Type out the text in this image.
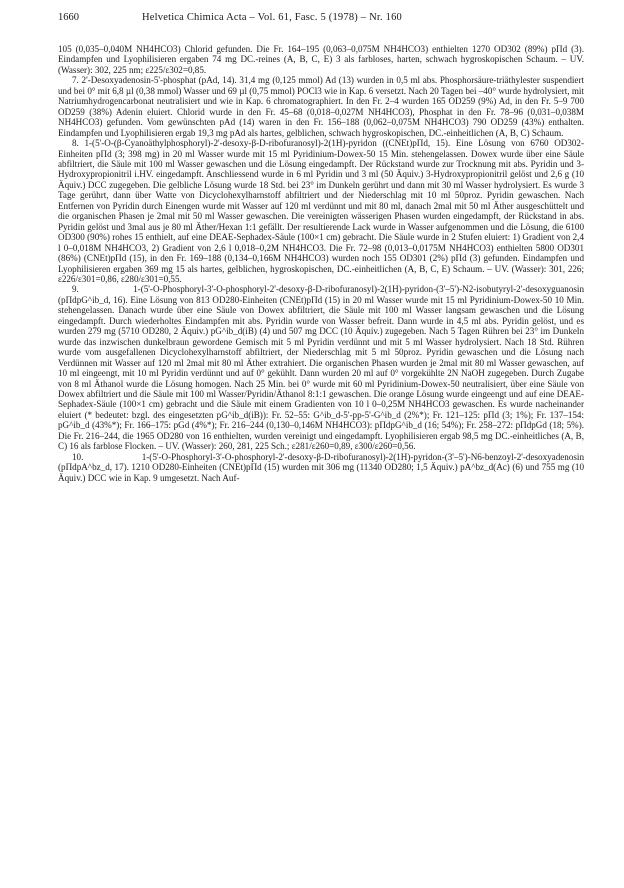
1660	Helvetica Chimica Acta – Vol. 61, Fasc. 5 (1978) – Nr. 160

105 (0,035–0,040M NH4HCO3) Chlorid gefunden. Die Fr. 164–195 (0,063–0,075M NH4HCO3) enthielten 1270 OD302 (89%) pΠd (3). Eindampfen und Lyophilisieren ergaben 74 mg DC.-reines (A, B, C, E) 3 als farbloses, harten, schwach hygroskopischen Schaum. – UV. (Wasser): 302, 225 nm; ε225/ε302=0,85.

7. 2'-Desoxyadenosin-5'-phosphat (pAd, 14). 31,4 mg (0,125 mmol) Ad (13) wurden in 0,5 ml abs. Phosphorsäure-triäthylester suspendiert und bei 0° mit 6,8 µl (0,38 mmol) Wasser und 69 µl (0,75 mmol) POCl3 wie in Kap. 6 versetzt. Nach 20 Tagen bei –40° wurde hydrolysiert, mit Natriumhydrogencarbonat neutralisiert und wie in Kap. 6 chromatographiert. In den Fr. 2–4 wurden 165 OD259 (9%) Ad, in den Fr. 5–9 700 OD259 (38%) Adenin eluiert. Chlorid wurde in den Fr. 45–68 (0,018–0,027M NH4HCO3), Phosphat in den Fr. 78–96 (0,031–0,038M NH4HCO3) gefunden. Vom gewünschten pAd (14) waren in den Fr. 156–188 (0,062–0,075M NH4HCO3) 790 OD259 (43%) enthalten. Eindampfen und Lyophilisieren ergab 19,3 mg pAd als hartes, gelblichen, schwach hygroskopischen, DC.-einheitlichen (A, B, C) Schaum.

8. 1-(5'-O-(β-Cyanoäthylphosphoryl)-2'-desoxy-β-D-ribofuranosyl)-2(1H)-pyridon ((CNEt)pΠd, 15). Eine Lösung von 6760 OD302-Einheiten pΠd (3; 398 mg) in 20 ml Wasser wurde mit 15 ml Pyridinium-Dowex-50 15 Min. stehengelassen. Dowex wurde über eine Säule abfiltriert, die Säule mit 100 ml Wasser gewaschen und die Lösung eingedampft. Der Rückstand wurde zur Trocknung mit abs. Pyridin und 3-Hydroxypropionitril i.HV. eingedampft. Anschliessend wurde in 6 ml Pyridin und 3 ml (50 Äquiv.) 3-Hydroxypropionitril gelöst und 2,6 g (10 Äquiv.) DCC zugegeben. Die gelbliche Lösung wurde 18 Std. bei 23° im Dunkeln gerührt und dann mit 30 ml Wasser hydrolysiert. Es wurde 3 Tage gerührt, dann über Watte von Dicyclohexylharnstoff abfiltriert und der Niederschlag mit 10 ml 50proz. Pyridin gewaschen. Nach Entfernen von Pyridin durch Einengen wurde mit Wasser auf 120 ml verdünnt und mit 80 ml, danach 2mal mit 50 ml Äther ausgeschüttelt und die organischen Phasen je 2mal mit 50 ml Wasser gewaschen. Die vereinigten wässerigen Phasen wurden eingedampft, der Rückstand in abs. Pyridin gelöst und 3mal aus je 80 ml Äther/Hexan 1:1 gefällt. Der resultierende Lack wurde in Wasser aufgenommen und die Lösung, die 6100 OD300 (90%) rohes 15 enthielt, auf eine DEAE-Sephadex-Säule (100×1 cm) gebracht. Die Säule wurde in 2 Stufen eluiert: 1) Gradient von 2,4 l 0–0,018M NH4HCO3, 2) Gradient von 2,6 l 0,018–0,2M NH4HCO3. Die Fr. 72–98 (0,013–0,0175M NH4HCO3) enthielten 5800 OD301 (86%) (CNEt)pΠd (15), in den Fr. 169–188 (0,134–0,166M NH4HCO3) wurden noch 155 OD301 (2%) pΠd (3) gefunden. Eindampfen und Lyophilisieren ergaben 369 mg 15 als hartes, gelblichen, hygroskopischen, DC.-einheitlichen (A, B, C, E) Schaum. – UV. (Wasser): 301, 226; ε226/ε301=0,86, ε280/ε301=0,55.

9. 1-(5'-O-Phosphoryl-3'-O-phosphoryl-2'-desoxy-β-D-ribofuranosyl)-2(1H)-pyridon-(3'–5')-N2-isobutyryl-2'-desoxyguanosin (pΠdpG^ib_d, 16). Eine Lösung von 813 OD280-Einheiten (CNEt)pΠd (15) in 20 ml Wasser wurde mit 15 ml Pyridinium-Dowex-50 10 Min. stehengelassen. Danach wurde über eine Säule von Dowex abfiltriert, die Säule mit 100 ml Wasser langsam gewaschen und die Lösung eingedampft. Durch wiederholtes Eindampfen mit abs. Pyridin wurde von Wasser befreit. Dann wurde in 4,5 ml abs. Pyridin gelöst, und es wurden 279 mg (5710 OD280, 2 Äquiv.) pG^ib_d(iB) (4) und 507 mg DCC (10 Äquiv.) zugegeben. Nach 5 Tagen Rühren bei 23° im Dunkeln wurde das inzwischen dunkelbraun gewordene Gemisch mit 5 ml Pyridin verdünnt und mit 5 ml Wasser hydrolysiert. Nach 18 Std. Rühren wurde vom ausgefallenen Dicyclohexylharnstoff abfiltriert, der Niederschlag mit 5 ml 50proz. Pyridin gewaschen und die Lösung nach Verdünnen mit Wasser auf 120 ml 2mal mit 80 ml Äther extrahiert. Die organischen Phasen wurden je 2mal mit 80 ml Wasser gewaschen, auf 10 ml eingeengt, mit 10 ml Pyridin verdünnt und auf 0° gekühlt. Dann wurden 20 ml auf 0° vorgekühlte 2N NaOH zugegeben. Durch Zugabe von 8 ml Äthanol wurde die Lösung homogen. Nach 25 Min. bei 0° wurde mit 60 ml Pyridinium-Dowex-50 neutralisiert, über eine Säule von Dowex abfiltriert und die Säule mit 100 ml Wasser/Pyridin/Äthanol 8:1:1 gewaschen. Die orange Lösung wurde eingeengt und auf eine DEAE-Sephadex-Säule (100×1 cm) gebracht und die Säule mit einem Gradienten von 10 l 0–0,25M NH4HCO3 gewaschen. Es wurde nacheinander eluiert (* bedeutet: bzgl. des eingesetzten pG^ib_d(iB)): Fr. 52–55: G^ib_d-5'-pp-5'-G^ib_d (2%*); Fr. 121–125: pΠd (3; 1%); Fr. 137–154: pG^ib_d (43%*); Fr. 166–175: pGd (4%*); Fr. 216–244 (0,130–0,146M NH4HCO3): pΠdpG^ib_d (16; 54%); Fr. 258–272: pΠdpGd (18; 5%). Die Fr. 216–244, die 1965 OD280 von 16 enthielten, wurden vereinigt und eingedampft. Lyophilisieren ergab 98,5 mg DC.-einheitliches (A, B, C) 16 als farblose Flocken. – UV. (Wasser): 260, 281, 225 Sch.; ε281/ε260=0,89, ε300/ε260=0,56.

10. 1-(5'-O-Phosphoryl-3'-O-phosphoryl-2'-desoxy-β-D-ribofuranosyl)-2(1H)-pyridon-(3'–5')-N6-benzoyl-2'-desoxyadenosin (pΠdpA^bz_d, 17). 1210 OD280-Einheiten (CNEt)pΠd (15) wurden mit 306 mg (11340 OD280; 1,5 Äquiv.) pA^bz_d(Ac) (6) und 755 mg (10 Äquiv.) DCC wie in Kap. 9 umgesetzt. Nach Auf-
